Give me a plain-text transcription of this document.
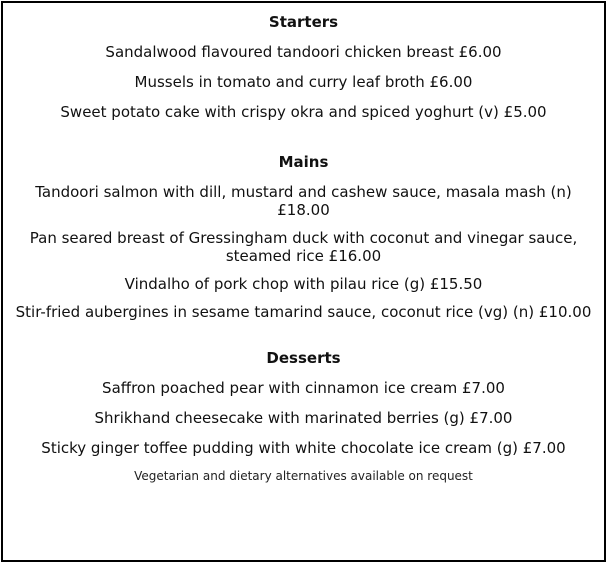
Starters

Sandalwood flavoured tandoori chicken breast £6.00

Mussels in tomato and curry leaf broth £6.00

Sweet potato cake with crispy okra and spiced yoghurt (v) £5.00

Mains

Tandoori salmon with dill, mustard and cashew sauce, masala mash (n) £18.00

Pan seared breast of Gressingham duck with coconut and vinegar sauce, steamed rice £16.00

Vindalho of pork chop with pilau rice (g) £15.50

Stir-fried aubergines in sesame tamarind sauce, coconut rice (vg) (n) £10.00

Desserts

Saffron poached pear with cinnamon ice cream £7.00

Shrikhand cheesecake with marinated berries (g) £7.00

Sticky ginger toffee pudding with white chocolate ice cream (g) £7.00

Vegetarian and dietary alternatives available on request
